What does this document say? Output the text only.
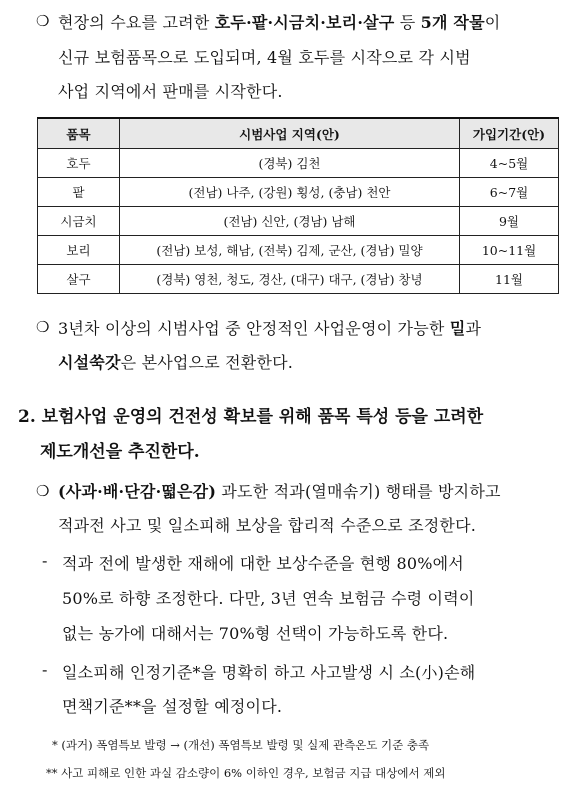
❍ 현장의 수요를 고려한 호두·팥·시금치·보리·살구 등 5개 작물이
신규 보험품목으로 도입되며, 4월 호두를 시작으로 각 시범
사업 지역에서 판매를 시작한다.
품목	시범사업 지역(안)	가입기간(안)
호두	(경북) 김천	4~5월
팥	(전남) 나주, (강원) 횡성, (충남) 천안	6~7월
시금치	(전남) 신안, (경남) 남해	9월
보리	(전남) 보성, 해남, (전북) 김제, 군산, (경남) 밀양	10~11월
살구	(경북) 영천, 청도, 경산, (대구) 대구, (경남) 창녕	11월
❍ 3년차 이상의 시범사업 중 안정적인 사업운영이 가능한 밀과
시설쑥갓은 본사업으로 전환한다.
2. 보험사업 운영의 건전성 확보를 위해 품목 특성 등을 고려한
제도개선을 추진한다.
❍ (사과·배·단감·떫은감) 과도한 적과(열매솎기) 행태를 방지하고
적과전 사고 및 일소피해 보상을 합리적 수준으로 조정한다.
- 적과 전에 발생한 재해에 대한 보상수준을 현행 80%에서
50%로 하향 조정한다. 다만, 3년 연속 보험금 수령 이력이
없는 농가에 대해서는 70%형 선택이 가능하도록 한다.
- 일소피해 인정기준*을 명확히 하고 사고발생 시 소(小)손해
면책기준**을 설정할 예정이다.
* (과거) 폭염특보 발령 → (개선) 폭염특보 발령 및 실제 관측온도 기준 충족
** 사고 피해로 인한 과실 감소량이 6% 이하인 경우, 보험금 지급 대상에서 제외
